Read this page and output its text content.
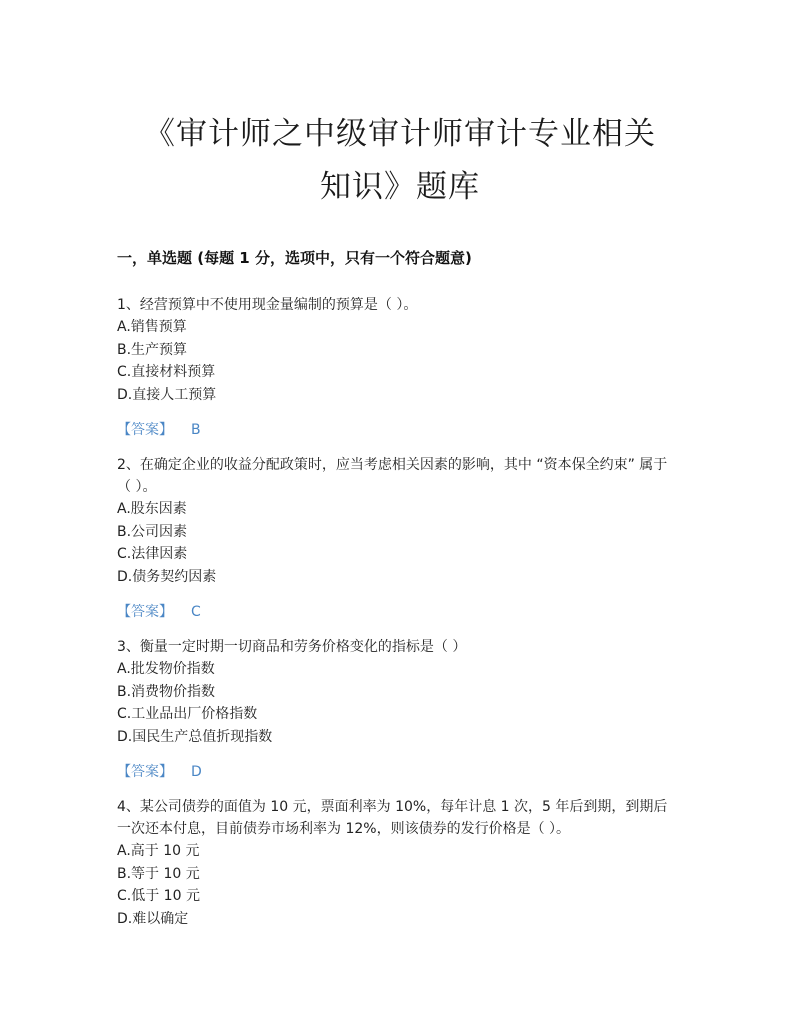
《审计师之中级审计师审计专业相关
知识》题库
一，单选题 (每题 1 分，选项中，只有一个符合题意)

1、经营预算中不使用现金量编制的预算是（ ）。

A.销售预算

B.生产预算

C.直接材料预算

D.直接人工预算

【答案】 B

2、在确定企业的收益分配政策时，应当考虑相关因素的影响，其中 “资本保全约束” 属于（ ）。

A.股东因素

B.公司因素

C.法律因素

D.债务契约因素

【答案】 C

3、衡量一定时期一切商品和劳务价格变化的指标是（ ）

A.批发物价指数

B.消费物价指数

C.工业品出厂价格指数

D.国民生产总值折现指数

【答案】 D

4、某公司债券的面值为 10 元，票面利率为 10%，每年计息 1 次，5 年后到期，到期后一次还本付息，目前债券市场利率为 12%，则该债券的发行价格是（ ）。

A.高于 10 元

B.等于 10 元

C.低于 10 元

D.难以确定
